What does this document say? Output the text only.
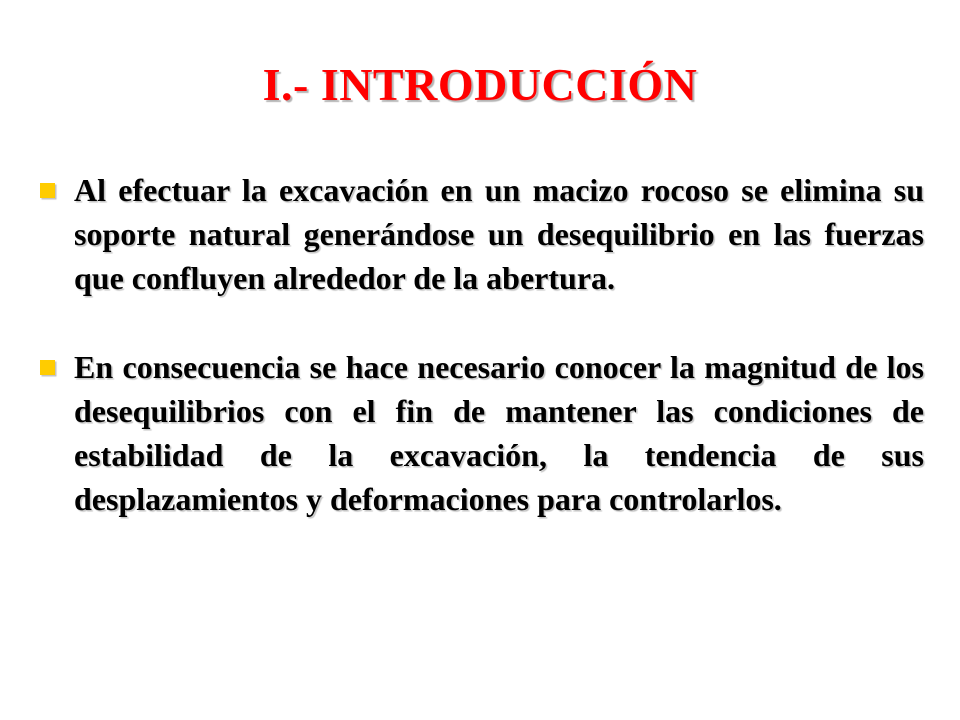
I.- INTRODUCCIÓN
Al efectuar la excavación en un macizo rocoso se elimina su soporte natural generándose un desequilibrio en las fuerzas que confluyen alrededor de la abertura.
En consecuencia se hace necesario conocer la magnitud de los desequilibrios con el fin de mantener las condiciones de estabilidad de la excavación, la tendencia de sus desplazamientos y deformaciones para controlarlos.
